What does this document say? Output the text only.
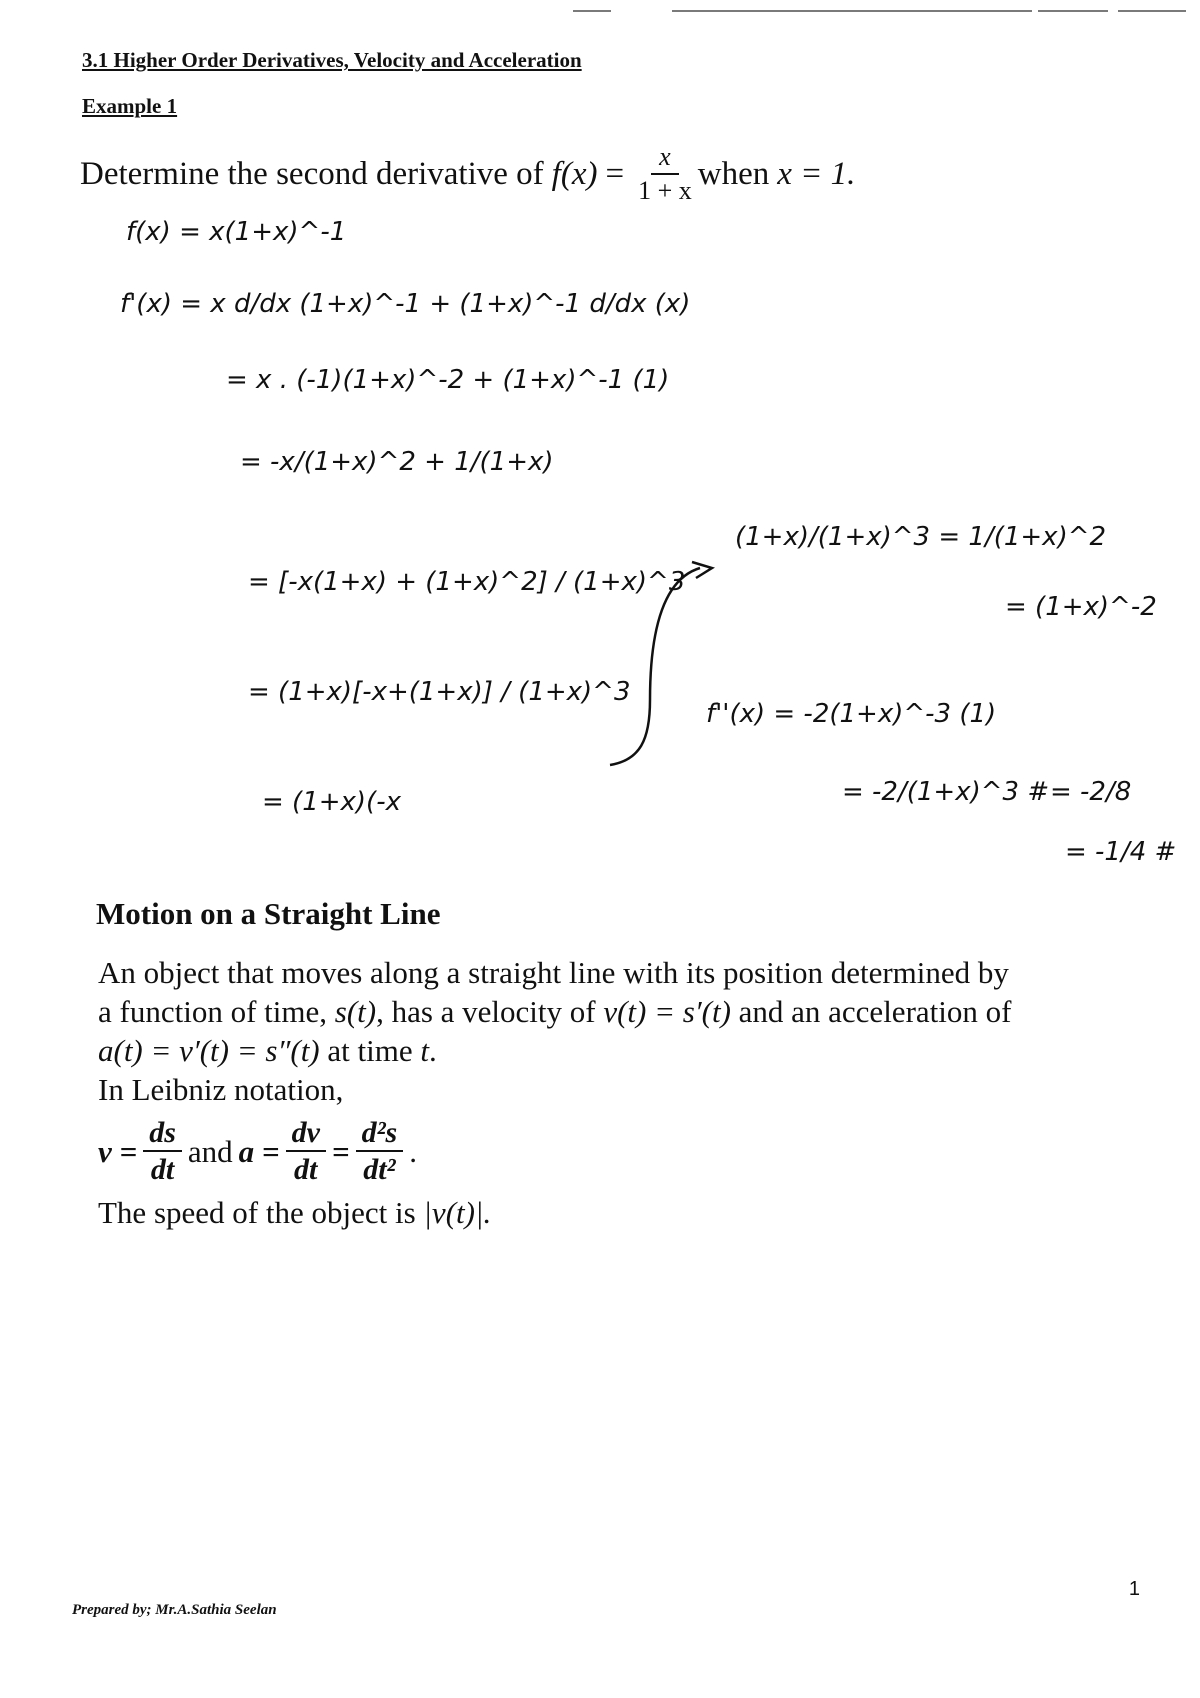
3.1 Higher Order Derivatives, Velocity and Acceleration
Example 1
Determine the second derivative of $f(x) = \frac{x}{1 + x}$ when x = 1.
f(x) = x(1+x)^-1
f'(x) = x d/dx (1+x)^-1 + (1+x)^-1 d/dx (x)
= x . (-1)(1+x)^-2 + (1+x)^-1 (1)
= -x/(1+x)^2 + 1/(1+x)
= [-x(1+x) + (1+x)^2] / (1+x)^3
= (1+x)[-x+(1+x)] / (1+x)^3
= (1+x)(-x
(1+x)/(1+x)^3 = 1/(1+x)^2
= (1+x)^-2
f''(x) = -2(1+x)^-3 (1)
= -2/(1+x)^3 # = -2/8
= -1/4 #
Motion on a Straight Line
An object that moves along a straight line with its position determined by
a function of time, s(t), has a velocity of v(t) = s′(t) and an acceleration of
a(t) = v′(t) = s″(t) at time t.
In Leibniz notation,
$v = \frac{ds}{dt}$ and $a = \frac{dv}{dt} = \frac{\text{d²s}}{\text{dt²}}$ .
The speed of the object is |v(t)|.
1
Prepared by; Mr.A.Sathia Seelan
